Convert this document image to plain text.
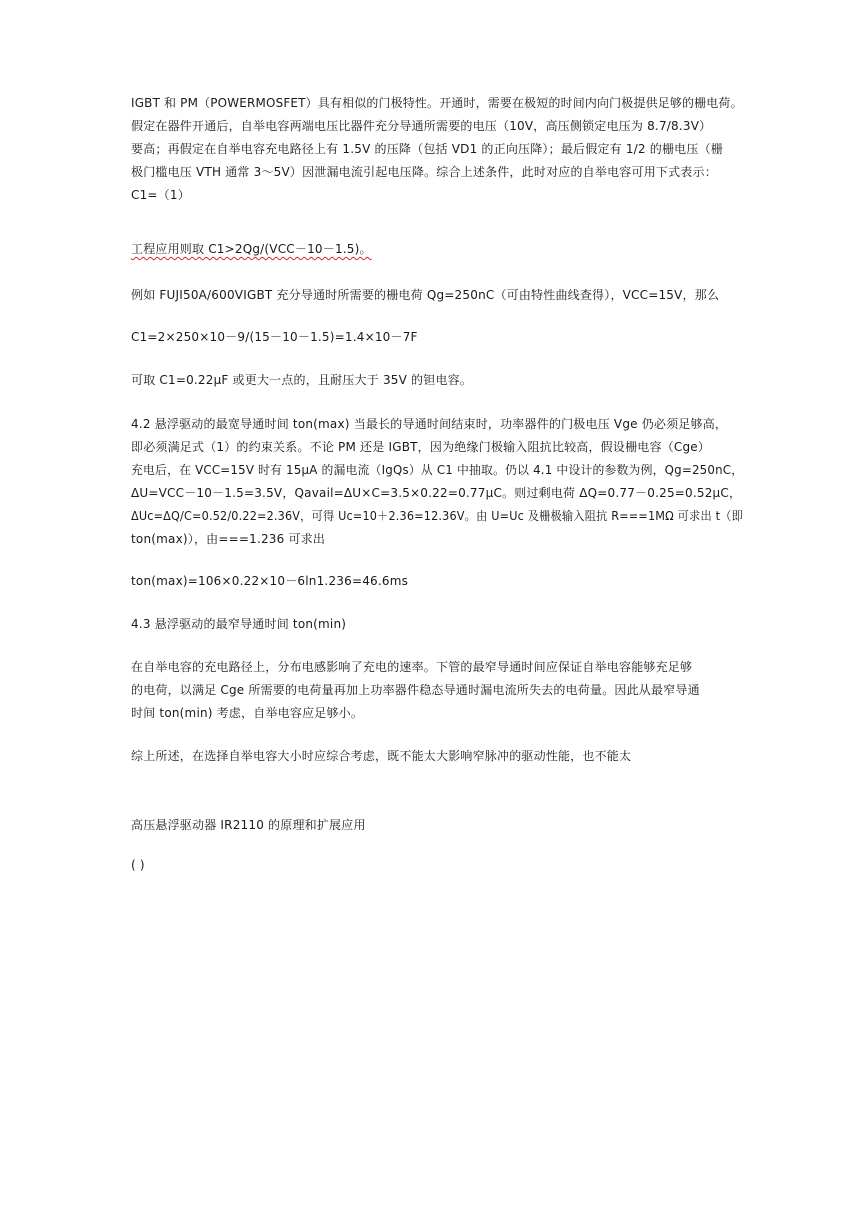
IGBT 和 PM（POWERMOSFET）具有相似的门极特性。开通时，需要在极短的时间内向门极提供足够的栅电荷。
假定在器件开通后，自举电容两端电压比器件充分导通所需要的电压（10V，高压侧锁定电压为 8.7/8.3V）
要高；再假定在自举电容充电路径上有 1.5V 的压降（包括 VD1 的正向压降）；最后假定有 1/2 的栅电压（栅
极门槛电压 VTH 通常 3～5V）因泄漏电流引起电压降。综合上述条件，此时对应的自举电容可用下式表示：
C1=（1）
工程应用则取 C1>2Qg/(VCC－10－1.5)。
例如 FUJI50A/600VIGBT 充分导通时所需要的栅电荷 Qg=250nC（可由特性曲线查得），VCC=15V，那么
C1=2×250×10－9/(15－10－1.5)=1.4×10－7F
可取 C1=0.22μF 或更大一点的，且耐压大于 35V 的钽电容。
4.2 悬浮驱动的最宽导通时间 ton(max) 当最长的导通时间结束时，功率器件的门极电压 Vge 仍必须足够高，
即必须满足式（1）的约束关系。不论 PM 还是 IGBT，因为绝缘门极输入阻抗比较高，假设栅电容（Cge）
充电后，在 VCC=15V 时有 15μA 的漏电流（IgQs）从 C1 中抽取。仍以 4.1 中设计的参数为例，Qg=250nC，
ΔU=VCC－10－1.5=3.5V，Qavail=ΔU×C=3.5×0.22=0.77μC。则过剩电荷 ΔQ=0.77－0.25=0.52μC，
ΔUc=ΔQ/C=0.52/0.22=2.36V，可得 Uc=10＋2.36=12.36V。由 U=Uc 及栅极输入阻抗 R===1MΩ 可求出 t（即
ton(max)），由===1.236 可求出
ton(max)=106×0.22×10－6ln1.236=46.6ms
4.3 悬浮驱动的最窄导通时间 ton(min)
在自举电容的充电路径上，分布电感影响了充电的速率。下管的最窄导通时间应保证自举电容能够充足够
的电荷，以满足 Cge 所需要的电荷量再加上功率器件稳态导通时漏电流所失去的电荷量。因此从最窄导通
时间 ton(min) 考虑，自举电容应足够小。
综上所述，在选择自举电容大小时应综合考虑，既不能太大影响窄脉冲的驱动性能，也不能太
高压悬浮驱动器 IR2110 的原理和扩展应用
( )
